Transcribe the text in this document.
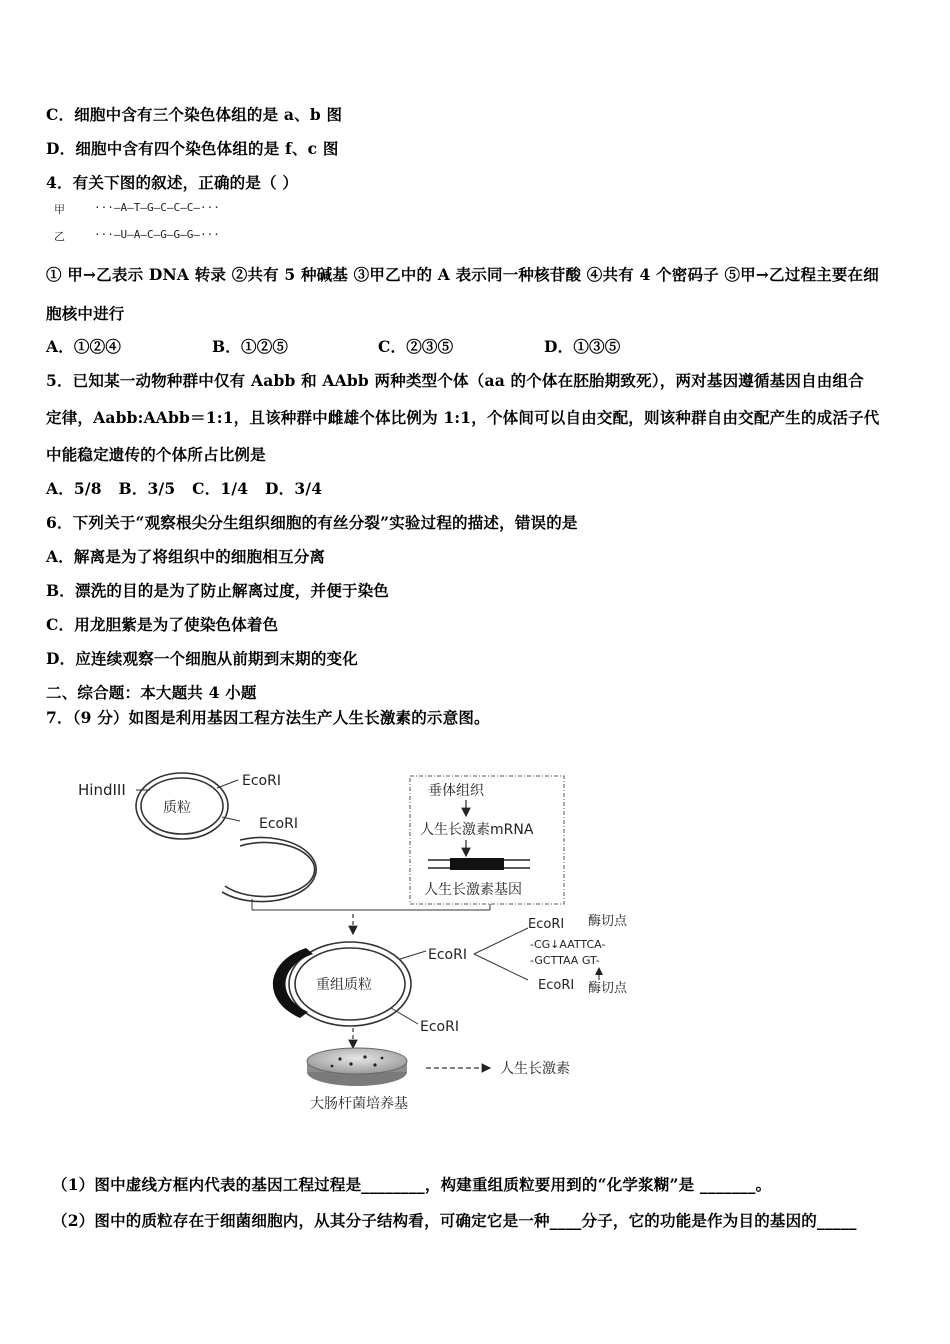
C．细胞中含有三个染色体组的是 a、b 图
D．细胞中含有四个染色体组的是 f、c 图
4．有关下图的叙述，正确的是（ ）
甲	···—A—T—G—C—C—C—···
乙	···—U—A—C—G—G—G—···
① 甲→乙表示 DNA 转录 ②共有 5 种碱基 ③甲乙中的 A 表示同一种核苷酸 ④共有 4 个密码子 ⑤甲→乙过程主要在细
胞核中进行
A．①②④	B．①②⑤	C．②③⑤	D．①③⑤
5．已知某一动物种群中仅有 Aabb 和 AAbb 两种类型个体（aa 的个体在胚胎期致死），两对基因遵循基因自由组合
定律，Aabb:AAbb＝1:1，且该种群中雌雄个体比例为 1:1，个体间可以自由交配，则该种群自由交配产生的成活子代
中能稳定遗传的个体所占比例是
A．5/8   B．3/5   C．1/4   D．3/4
6．下列关于“观察根尖分生组织细胞的有丝分裂”实验过程的描述，错误的是
A．解离是为了将组织中的细胞相互分离
B．漂洗的目的是为了防止解离过度，并便于染色
C．用龙胆紫是为了使染色体着色
D．应连续观察一个细胞从前期到末期的变化
二、综合题：本大题共 4 小题
7．（9 分）如图是利用基因工程方法生产人生长激素的示意图。
HindIII
质粒
EcoRI
EcoRI
垂体组织
人生长激素mRNA
人生长激素基因
重组质粒
EcoRI
EcoRI
EcoRI 酶切点
-CG↓AATTCA-
-GCTTAA GT-
EcoRI 酶切点
大肠杆菌培养基
人生长激素
（1）图中虚线方框内代表的基因工程过程是________，构建重组质粒要用到的“化学浆糊”是 _______。
（2）图中的质粒存在于细菌细胞内，从其分子结构看，可确定它是一种____分子，它的功能是作为目的基因的_____
